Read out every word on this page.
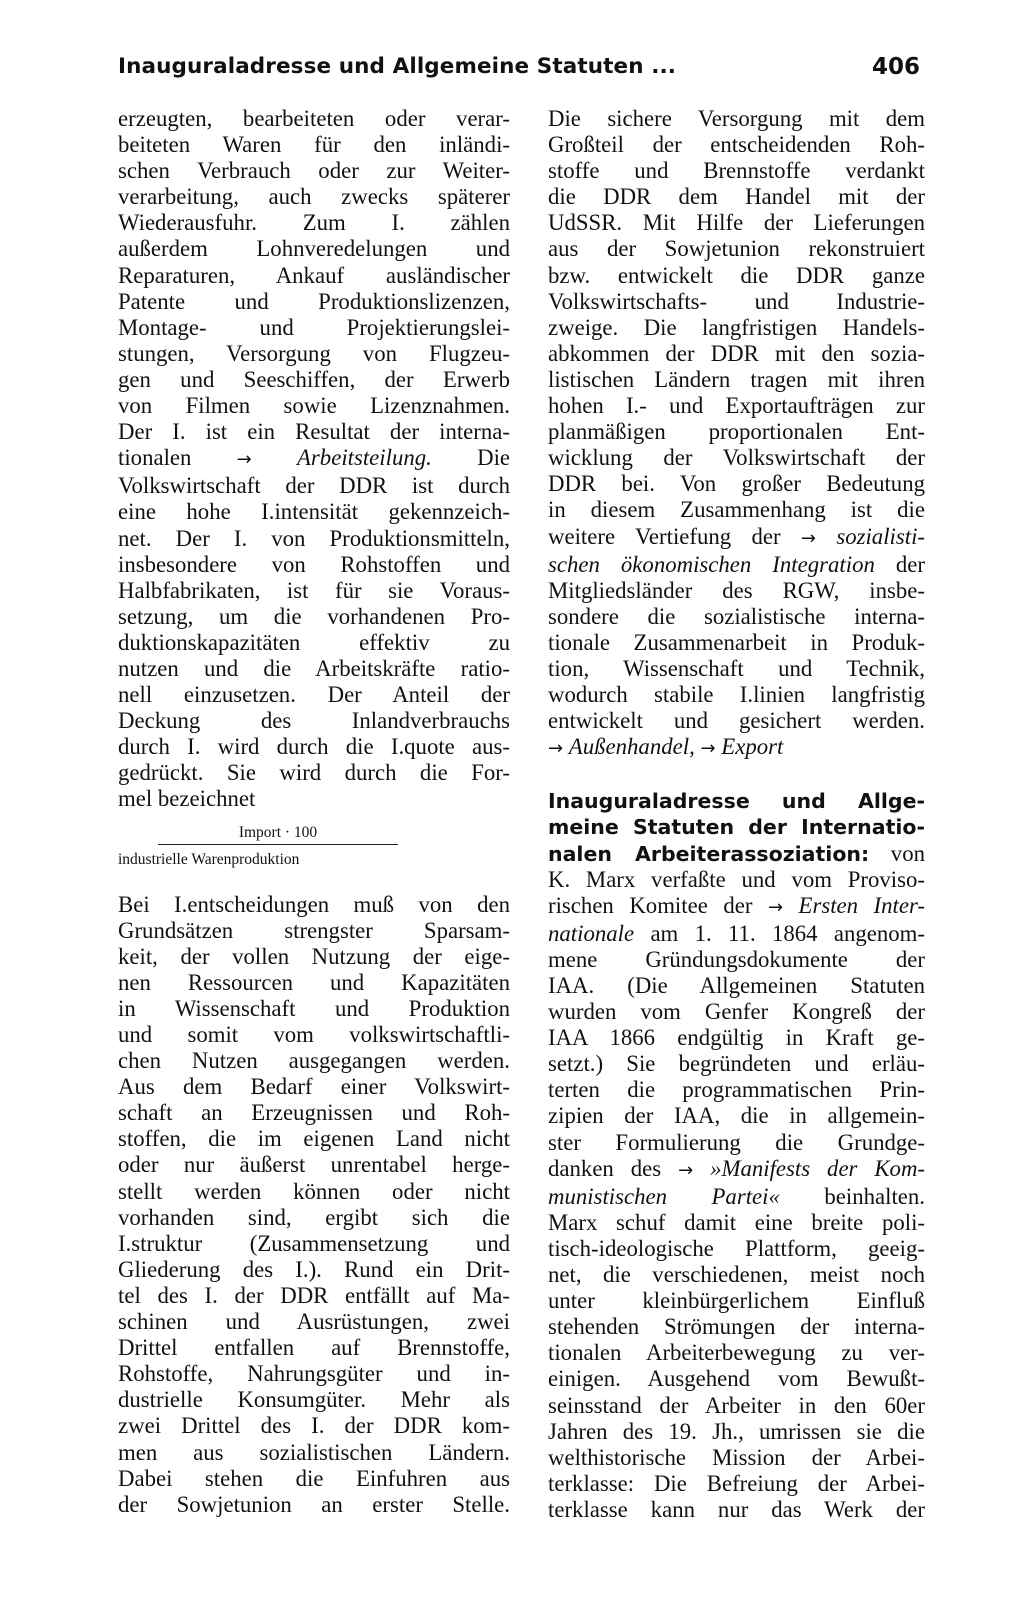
Inauguraladresse und Allgemeine Statuten ...	406

erzeugten, bearbeiteten oder verar-
beiteten Waren für den inländi-
schen Verbrauch oder zur Weiter-
verarbeitung, auch zwecks späterer
Wiederausfuhr. Zum I. zählen
außerdem Lohnveredelungen und
Reparaturen, Ankauf ausländischer
Patente und Produktionslizenzen,
Montage- und Projektierungslei-
stungen, Versorgung von Flugzeu-
gen und Seeschiffen, der Erwerb
von Filmen sowie Lizenznahmen.
Der I. ist ein Resultat der interna-
tionalen	→ Arbeitsteilung. Die
Volkswirtschaft der DDR ist durch
eine hohe I.intensität gekennzeich-
net. Der I. von Produktionsmitteln,
insbesondere von Rohstoffen und
Halbfabrikaten, ist für sie Voraus-
setzung, um die vorhandenen Pro-
duktionskapazitäten effektiv zu
nutzen und die Arbeitskräfte ratio-
nell einzusetzen. Der Anteil der
Deckung des Inlandverbrauchs
durch I. wird durch die I.quote aus-
gedrückt. Sie wird durch die For-
mel bezeichnet

Import · 100
industrielle Warenproduktion

Bei I.entscheidungen muß von den
Grundsätzen strengster Sparsam-
keit, der vollen Nutzung der eige-
nen Ressourcen und Kapazitäten
in Wissenschaft und Produktion
und somit vom volkswirtschaftli-
chen Nutzen ausgegangen werden.
Aus dem Bedarf einer Volkswirt-
schaft an Erzeugnissen und Roh-
stoffen, die im eigenen Land nicht
oder nur äußerst unrentabel herge-
stellt werden können oder nicht
vorhanden sind, ergibt sich die
I.struktur (Zusammensetzung und
Gliederung des I.). Rund ein Drit-
tel des I. der DDR entfällt auf Ma-
schinen und Ausrüstungen, zwei
Drittel entfallen auf Brennstoffe,
Rohstoffe, Nahrungsgüter und in-
dustrielle Konsumgüter. Mehr als
zwei Drittel des I. der DDR kom-
men aus sozialistischen Ländern.
Dabei stehen die Einfuhren aus
der Sowjetunion an erster Stelle.

Die sichere Versorgung mit dem
Großteil der entscheidenden Roh-
stoffe und Brennstoffe verdankt
die DDR dem Handel mit der
UdSSR. Mit Hilfe der Lieferungen
aus der Sowjetunion rekonstruiert
bzw. entwickelt die DDR ganze
Volkswirtschafts- und Industrie-
zweige. Die langfristigen Handels-
abkommen der DDR mit den sozia-
listischen Ländern tragen mit ihren
hohen I.- und Exportaufträgen zur
planmäßigen proportionalen Ent-
wicklung der Volkswirtschaft der
DDR bei. Von großer Bedeutung
in diesem Zusammenhang ist die
weitere Vertiefung der → sozialisti-
schen ökonomischen Integration der
Mitgliedsländer des RGW, insbe-
sondere die sozialistische interna-
tionale Zusammenarbeit in Produk-
tion, Wissenschaft und Technik,
wodurch stabile I.linien langfristig
entwickelt und gesichert werden.
→ Außenhandel, → Export

Inauguraladresse und Allge-
meine Statuten der Internatio-
nalen Arbeiterassoziation: von
K. Marx verfaßte und vom Proviso-
rischen Komitee der → Ersten Inter-
nationale am 1. 11. 1864 angenom-
mene Gründungsdokumente der
IAA. (Die Allgemeinen Statuten
wurden vom Genfer Kongreß der
IAA 1866 endgültig in Kraft ge-
setzt.) Sie begründeten und erläu-
terten die programmatischen Prin-
zipien der IAA, die in allgemein-
ster Formulierung die Grundge-
danken des → »Manifests der Kom-
munistischen Partei« beinhalten.
Marx schuf damit eine breite poli-
tisch-ideologische Plattform, geeig-
net, die verschiedenen, meist noch
unter kleinbürgerlichem Einfluß
stehenden Strömungen der interna-
tionalen Arbeiterbewegung zu ver-
einigen. Ausgehend vom Bewußt-
seinsstand der Arbeiter in den 60er
Jahren des 19. Jh., umrissen sie die
welthistorische Mission der Arbei-
terklasse: Die Befreiung der Arbei-
terklasse kann nur das Werk der
